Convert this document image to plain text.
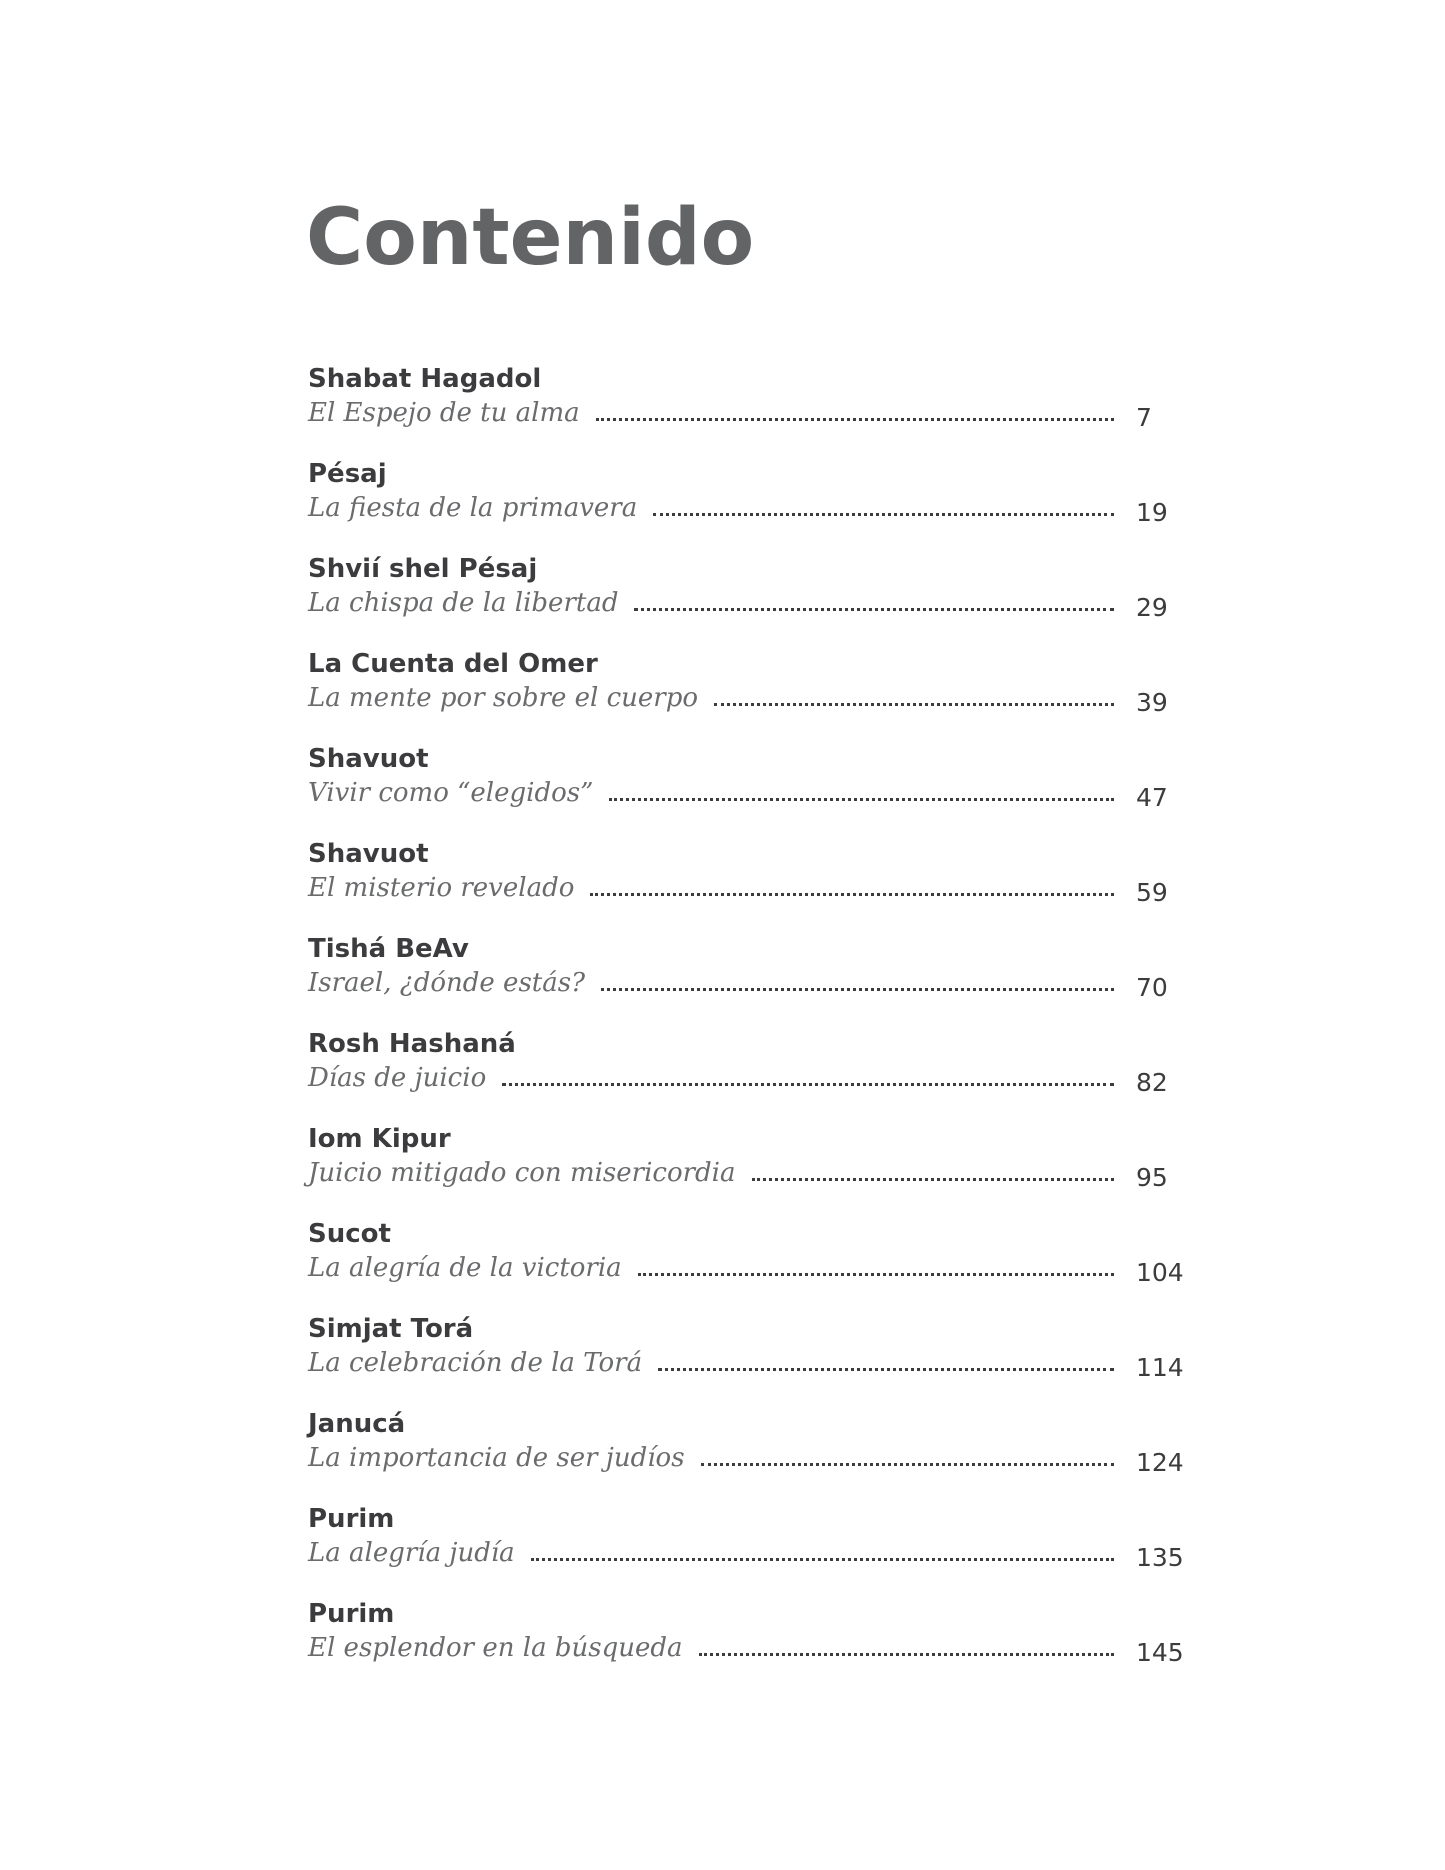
Contenido
Shabat Hagadol
El Espejo de tu alma	7
Pésaj
La fiesta de la primavera	19
Shvií shel Pésaj
La chispa de la libertad	29
La Cuenta del Omer
La mente por sobre el cuerpo	39
Shavuot
Vivir como “elegidos”	47
Shavuot
El misterio revelado	59
Tishá BeAv
Israel, ¿dónde estás?	70
Rosh Hashaná
Días de juicio	82
Iom Kipur
Juicio mitigado con misericordia	95
Sucot
La alegría de la victoria	104
Simjat Torá
La celebración de la Torá	114
Janucá
La importancia de ser judíos	124
Purim
La alegría judía	135
Purim
El esplendor en la búsqueda	145
